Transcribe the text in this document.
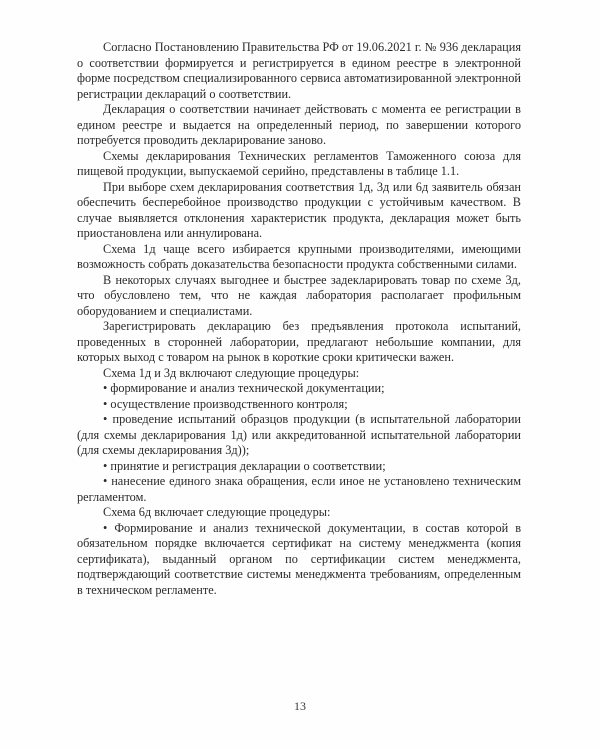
Согласно Постановлению Правительства РФ от 19.06.2021 г. № 936 декларация о соответствии формируется и регистрируется в едином реестре в электронной форме посредством специализированного сервиса автоматизированной электронной регистрации деклараций о соответствии.

Декларация о соответствии начинает действовать с момента ее регистрации в едином реестре и выдается на определенный период, по завершении которого потребуется проводить декларирование заново.

Схемы декларирования Технических регламентов Таможенного союза для пищевой продукции, выпускаемой серийно, представлены в таблице 1.1.

При выборе схем декларирования соответствия 1д, 3д или 6д заявитель обязан обеспечить бесперебойное производство продукции с устойчивым качеством. В случае выявляется отклонения характеристик продукта, декларация может быть приостановлена или аннулирована.

Схема 1д чаще всего избирается крупными производителями, имеющими возможность собрать доказательства безопасности продукта собственными силами.

В некоторых случаях выгоднее и быстрее задекларировать товар по схеме 3д, что обусловлено тем, что не каждая лаборатория располагает профильным оборудованием и специалистами.

Зарегистрировать декларацию без предъявления протокола испытаний, проведенных в сторонней лаборатории, предлагают небольшие компании, для которых выход с товаром на рынок в короткие сроки критически важен.

Схема 1д и 3д включают следующие процедуры:

• формирование и анализ технической документации;

• осуществление производственного контроля;

• проведение испытаний образцов продукции (в испытательной лаборатории (для схемы декларирования 1д) или аккредитованной испытательной лаборатории (для схемы декларирования 3д));

• принятие и регистрация декларации о соответствии;

• нанесение единого знака обращения, если иное не установлено техническим регламентом.

Схема 6д включает следующие процедуры:

• Формирование и анализ технической документации, в состав которой в обязательном порядке включается сертификат на систему менеджмента (копия сертификата), выданный органом по сертификации систем менеджмента, подтверждающий соответствие системы менеджмента требованиям, определенным в техническом регламенте.

13
